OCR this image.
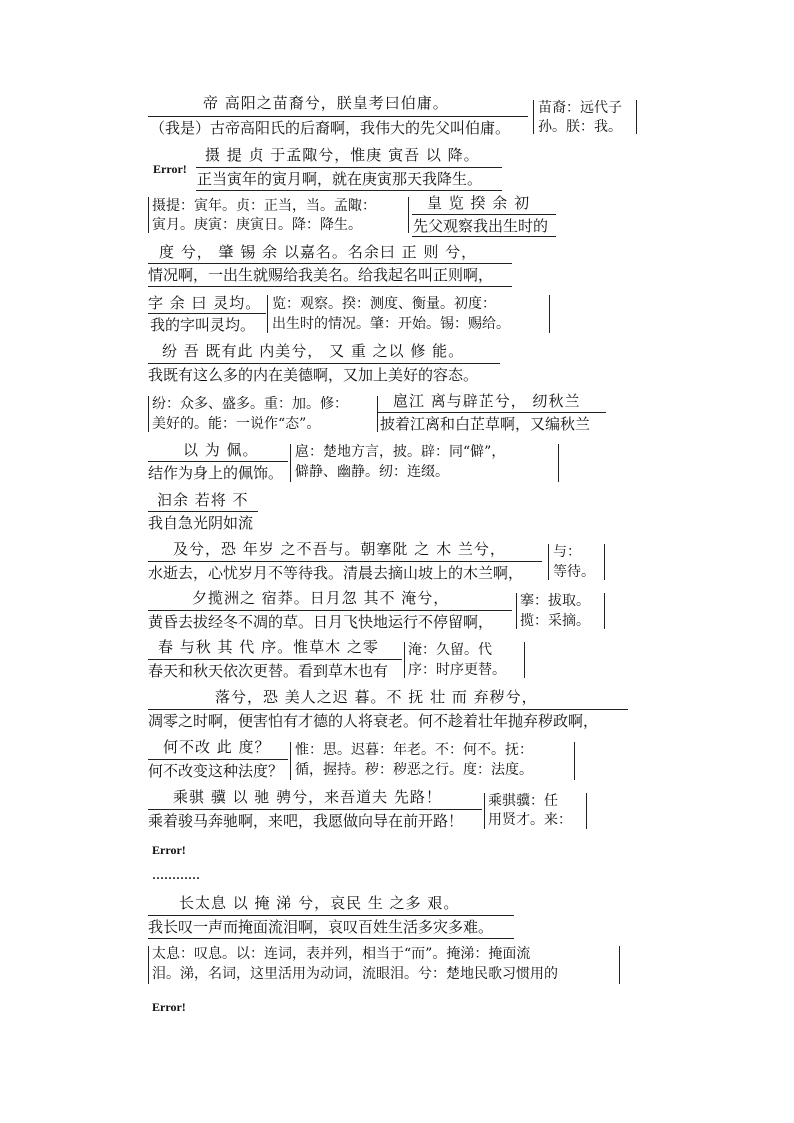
帝 高阳之苗裔兮，朕皇考曰伯庸。
（我是）古帝高阳氏的后裔啊，我伟大的先父叫伯庸。
苗裔：远代子
孙。朕：我。
Error!
摄 提 贞 于孟陬兮，惟庚 寅吾 以 降。
正当寅年的寅月啊，就在庚寅那天我降生。
摄提：寅年。贞：正当，当。孟陬：
寅月。庚寅：庚寅日。降：降生。
皇 览 揆 余 初
先父观察我出生时的
度 兮， 肇 锡 余 以嘉名。名余曰 正 则 兮，
情况啊，一出生就赐给我美名。给我起名叫正则啊，
字 余 曰 灵均。
我的字叫灵均。
览：观察。揆：测度、衡量。初度：
出生时的情况。肇：开始。锡：赐给。
纷 吾 既有此 内美兮， 又 重 之以 修 能。
我既有这么多的内在美德啊，又加上美好的容态。
纷：众多、盛多。重：加。修：
美好的。能：一说作“态”。
扈江 离与辟芷兮， 纫秋兰
披着江离和白芷草啊，又编秋兰
以 为 佩。
结作为身上的佩饰。
扈：楚地方言，披。辟：同“僻”，
僻静、幽静。纫：连缀。
汩余 若将 不
我自急光阴如流
及兮，恐 年岁 之不吾与。朝搴阰 之 木 兰兮，
水逝去，心忧岁月不等待我。清晨去摘山坡上的木兰啊，
与：
等待。
夕揽洲之 宿莽。日月忽 其不 淹兮，
黄昏去拔经冬不凋的草。日月飞快地运行不停留啊，
搴：拔取。
揽：采摘。
春 与秋 其 代 序。惟草木 之零
春天和秋天依次更替。看到草木也有
淹：久留。代
序：时序更替。
落兮，恐 美人之迟 暮。不 抚 壮 而 弃秽兮，
凋零之时啊，便害怕有才德的人将衰老。何不趁着壮年抛弃秽政啊，
何不改 此 度？
何不改变这种法度？
惟：思。迟暮：年老。不：何不。抚：
循，握持。秽：秽恶之行。度：法度。
乘骐 骥 以 驰 骋兮，来吾道夫 先路！
乘着骏马奔驰啊，来吧，我愿做向导在前开路！
乘骐骥：任
用贤才。来：
Error!
…………
长太息 以 掩 涕 兮，哀民 生 之多 艰。
我长叹一声而掩面流泪啊，哀叹百姓生活多灾多难。
太息：叹息。以：连词，表并列，相当于“而”。掩涕：掩面流
泪。涕，名词，这里活用为动词，流眼泪。兮：楚地民歌习惯用的
Error!
